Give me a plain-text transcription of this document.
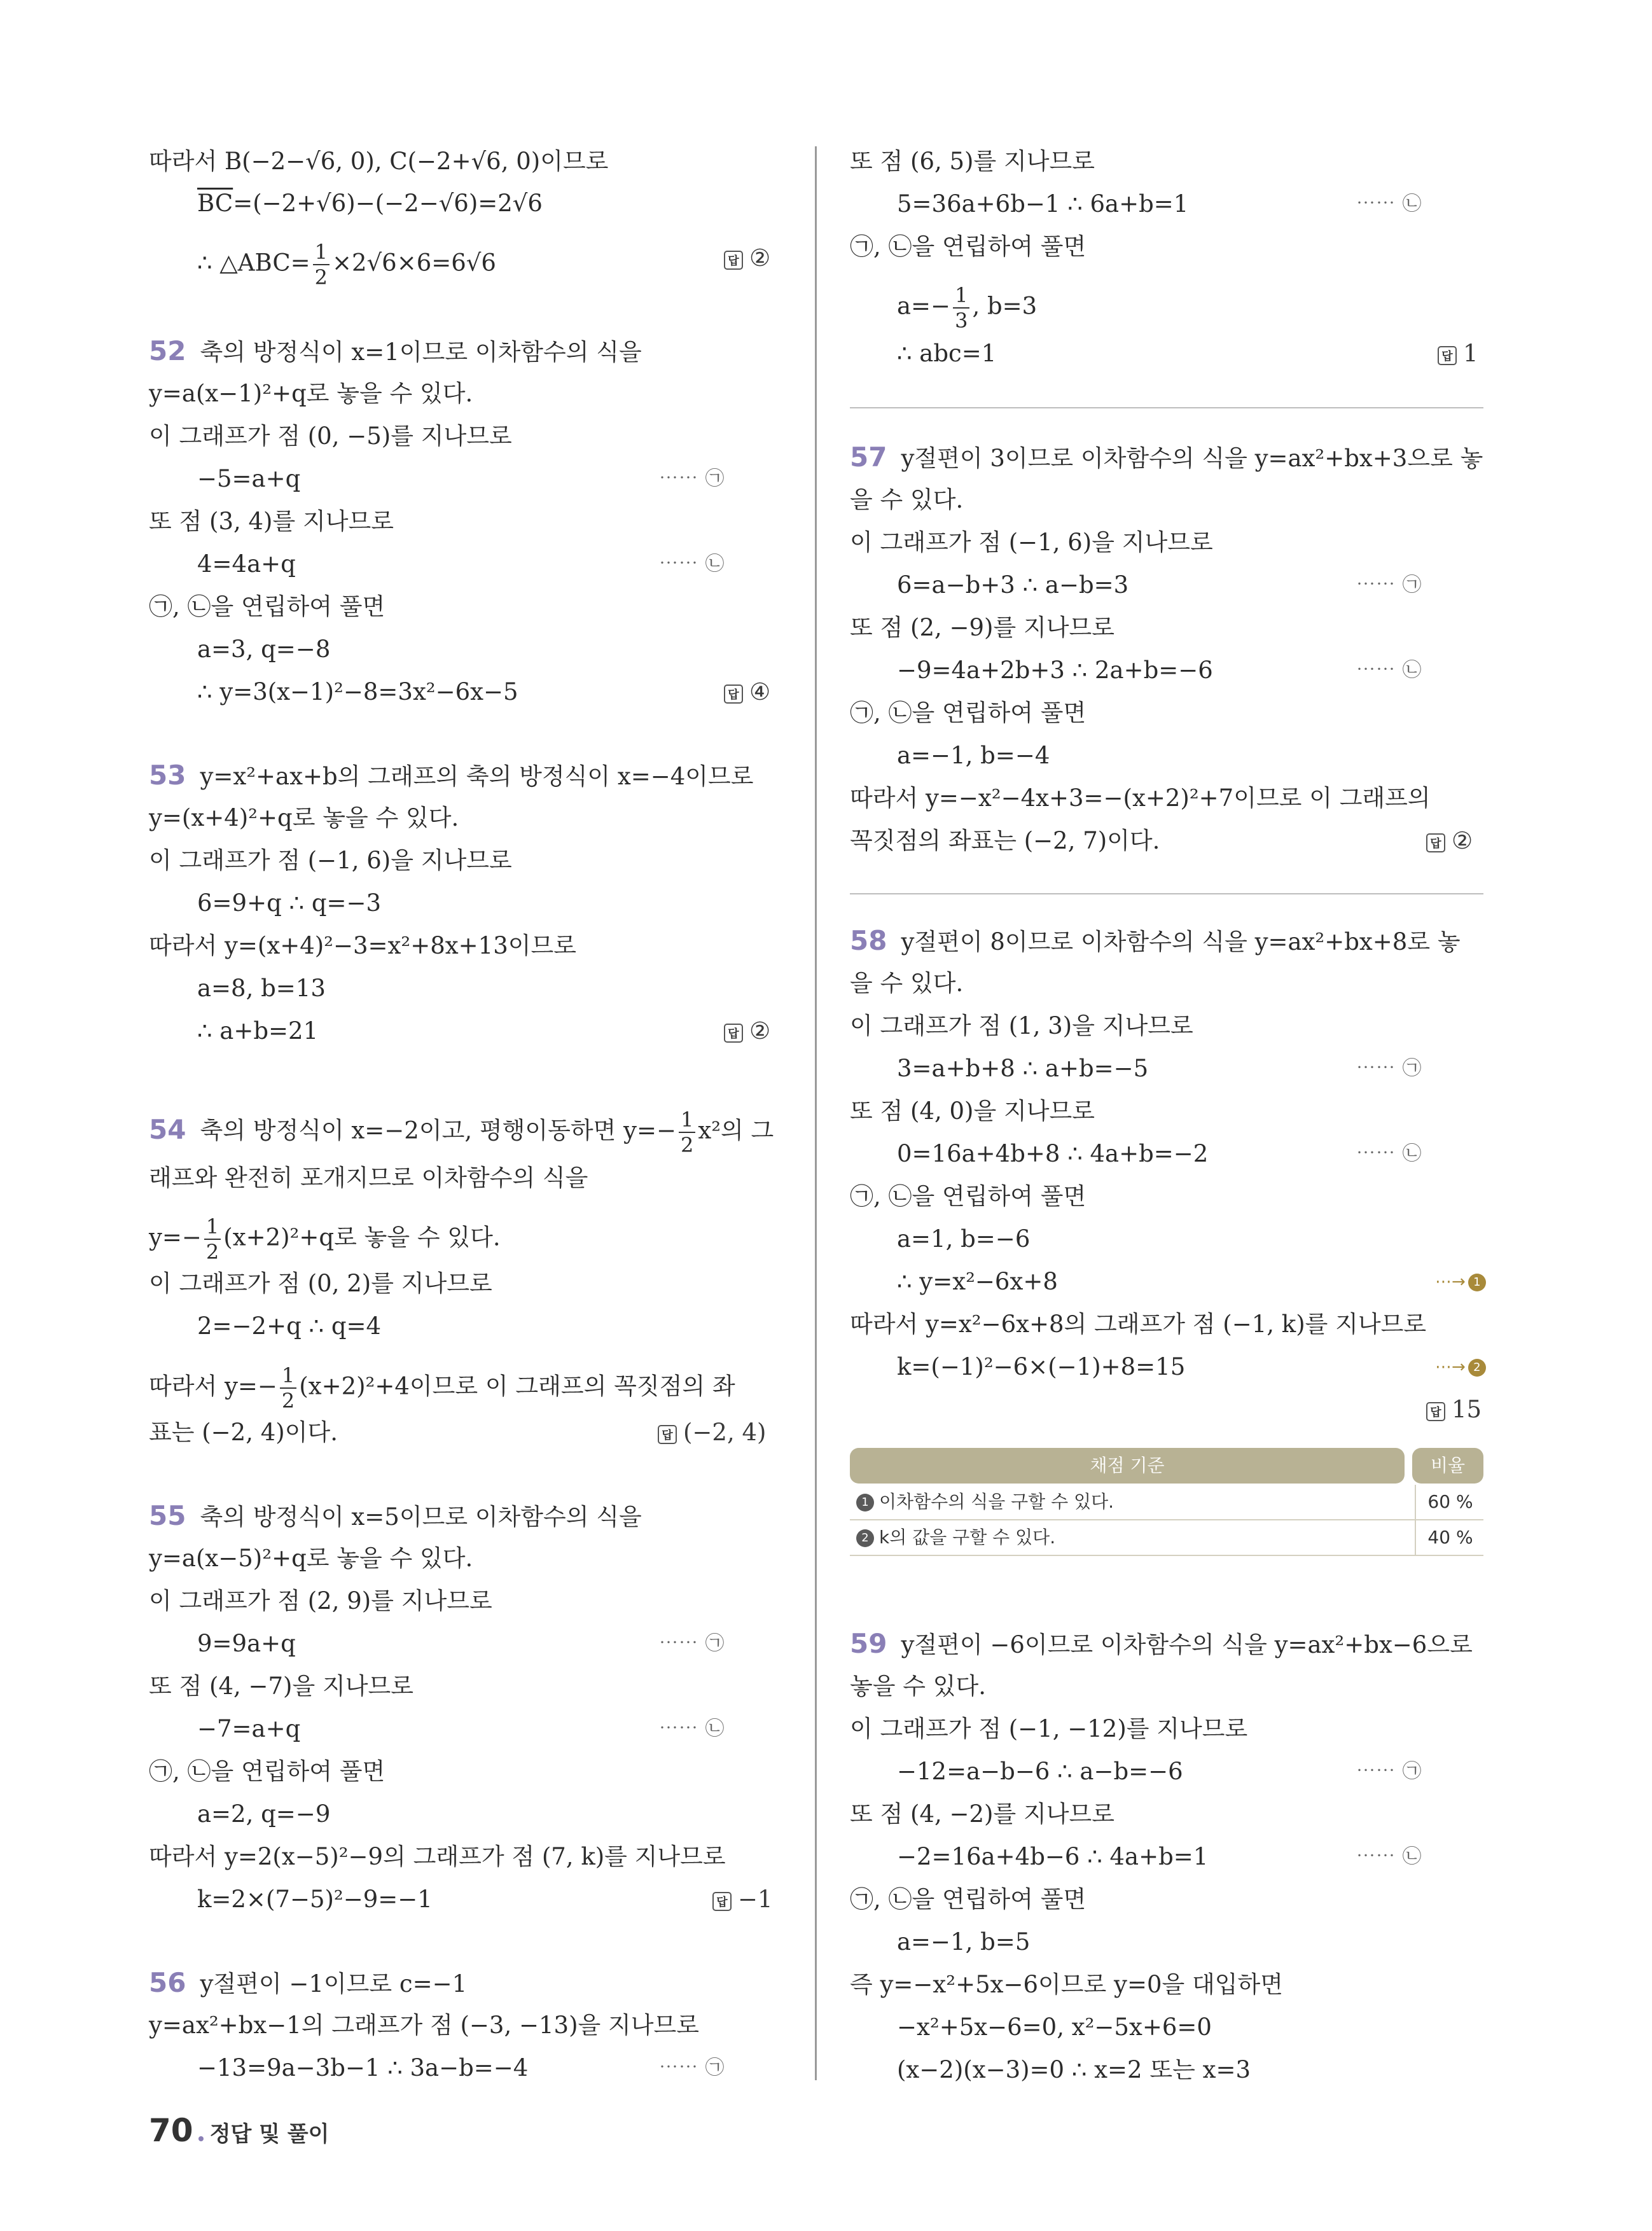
따라서 B(−2−√6, 0), C(−2+√6, 0)이므로
$\overline{BC}=(-2+√6)-(-2-√6)=2√6$
∴ △ABC= $\frac{1}{2} \times 2√6\times 6=6√6$	답 ②
52 축의 방정식이 x=1이므로 이차함수의 식을
y=a(x−1)²+q로 놓을 수 있다.
이 그래프가 점 (0, −5)를 지나므로
−5=a+q	⋯⋯ ㉠
또 점 (3, 4)를 지나므로
4=4a+q	⋯⋯ ㉡
㉠, ㉡을 연립하여 풀면
a=3, q=−8
∴ y=3(x−1)²−8=3x²−6x−5	답 ④
53 y=x²+ax+b의 그래프의 축의 방정식이 x=−4이므로
y=(x+4)²+q로 놓을 수 있다.
이 그래프가 점 (−1, 6)을 지나므로
6=9+q ∴ q=−3
따라서 y=(x+4)²−3=x²+8x+13이므로
a=8, b=13
∴ a+b=21	답 ②
54 축의 방정식이 x=−2이고, 평행이동하면 $y=- \frac{1}{2} x^2$의 그
래프와 완전히 포개지므로 이차함수의 식을
$y=- \frac{1}{2} (x+2)^2+q$로 놓을 수 있다.
이 그래프가 점 (0, 2)를 지나므로
2=−2+q ∴ q=4
따라서 $y=- \frac{1}{2} (x+2)^2+4$이므로 이 그래프의 꼭짓점의 좌
표는 (−2, 4)이다.	답 (−2, 4)
55 축의 방정식이 x=5이므로 이차함수의 식을
y=a(x−5)²+q로 놓을 수 있다.
이 그래프가 점 (2, 9)를 지나므로
9=9a+q	⋯⋯ ㉠
또 점 (4, −7)을 지나므로
−7=a+q	⋯⋯ ㉡
㉠, ㉡을 연립하여 풀면
a=2, q=−9
따라서 y=2(x−5)²−9의 그래프가 점 (7, k)를 지나므로
k=2×(7−5)²−9=−1	답 −1
56 y절편이 −1이므로 c=−1
y=ax²+bx−1의 그래프가 점 (−3, −13)을 지나므로
−13=9a−3b−1 ∴ 3a−b=−4	⋯⋯ ㉠
또 점 (6, 5)를 지나므로
5=36a+6b−1 ∴ 6a+b=1	⋯⋯ ㉡
㉠, ㉡을 연립하여 풀면
$a=- \frac{1}{3}$ , b=3
∴ abc=1	답 1
57 y절편이 3이므로 이차함수의 식을 y=ax²+bx+3으로 놓
을 수 있다.
이 그래프가 점 (−1, 6)을 지나므로
6=a−b+3 ∴ a−b=3	⋯⋯ ㉠
또 점 (2, −9)를 지나므로
−9=4a+2b+3 ∴ 2a+b=−6	⋯⋯ ㉡
㉠, ㉡을 연립하여 풀면
a=−1, b=−4
따라서 y=−x²−4x+3=−(x+2)²+7이므로 이 그래프의
꼭짓점의 좌표는 (−2, 7)이다.	답 ②
58 y절편이 8이므로 이차함수의 식을 y=ax²+bx+8로 놓
을 수 있다.
이 그래프가 점 (1, 3)을 지나므로
3=a+b+8 ∴ a+b=−5	⋯⋯ ㉠
또 점 (4, 0)을 지나므로
0=16a+4b+8 ∴ 4a+b=−2	⋯⋯ ㉡
㉠, ㉡을 연립하여 풀면
a=1, b=−6
∴ y=x²−6x+8	⋯→ 1
따라서 y=x²−6x+8의 그래프가 점 (−1, k)를 지나므로
k=(−1)²−6×(−1)+8=15	⋯→ 2
답 15
59 y절편이 −6이므로 이차함수의 식을 y=ax²+bx−6으로
놓을 수 있다.
이 그래프가 점 (−1, −12)를 지나므로
−12=a−b−6 ∴ a−b=−6	⋯⋯ ㉠
또 점 (4, −2)를 지나므로
−2=16a+4b−6 ∴ 4a+b=1	⋯⋯ ㉡
㉠, ㉡을 연립하여 풀면
a=−1, b=5
즉 y=−x²+5x−6이므로 y=0을 대입하면
−x²+5x−6=0, x²−5x+6=0
(x−2)(x−3)=0 ∴ x=2 또는 x=3
채점 기준	비율
1 이차함수의 식을 구할 수 있다.	60 %
2 k의 값을 구할 수 있다.	40 %
70 정답 및 풀이
